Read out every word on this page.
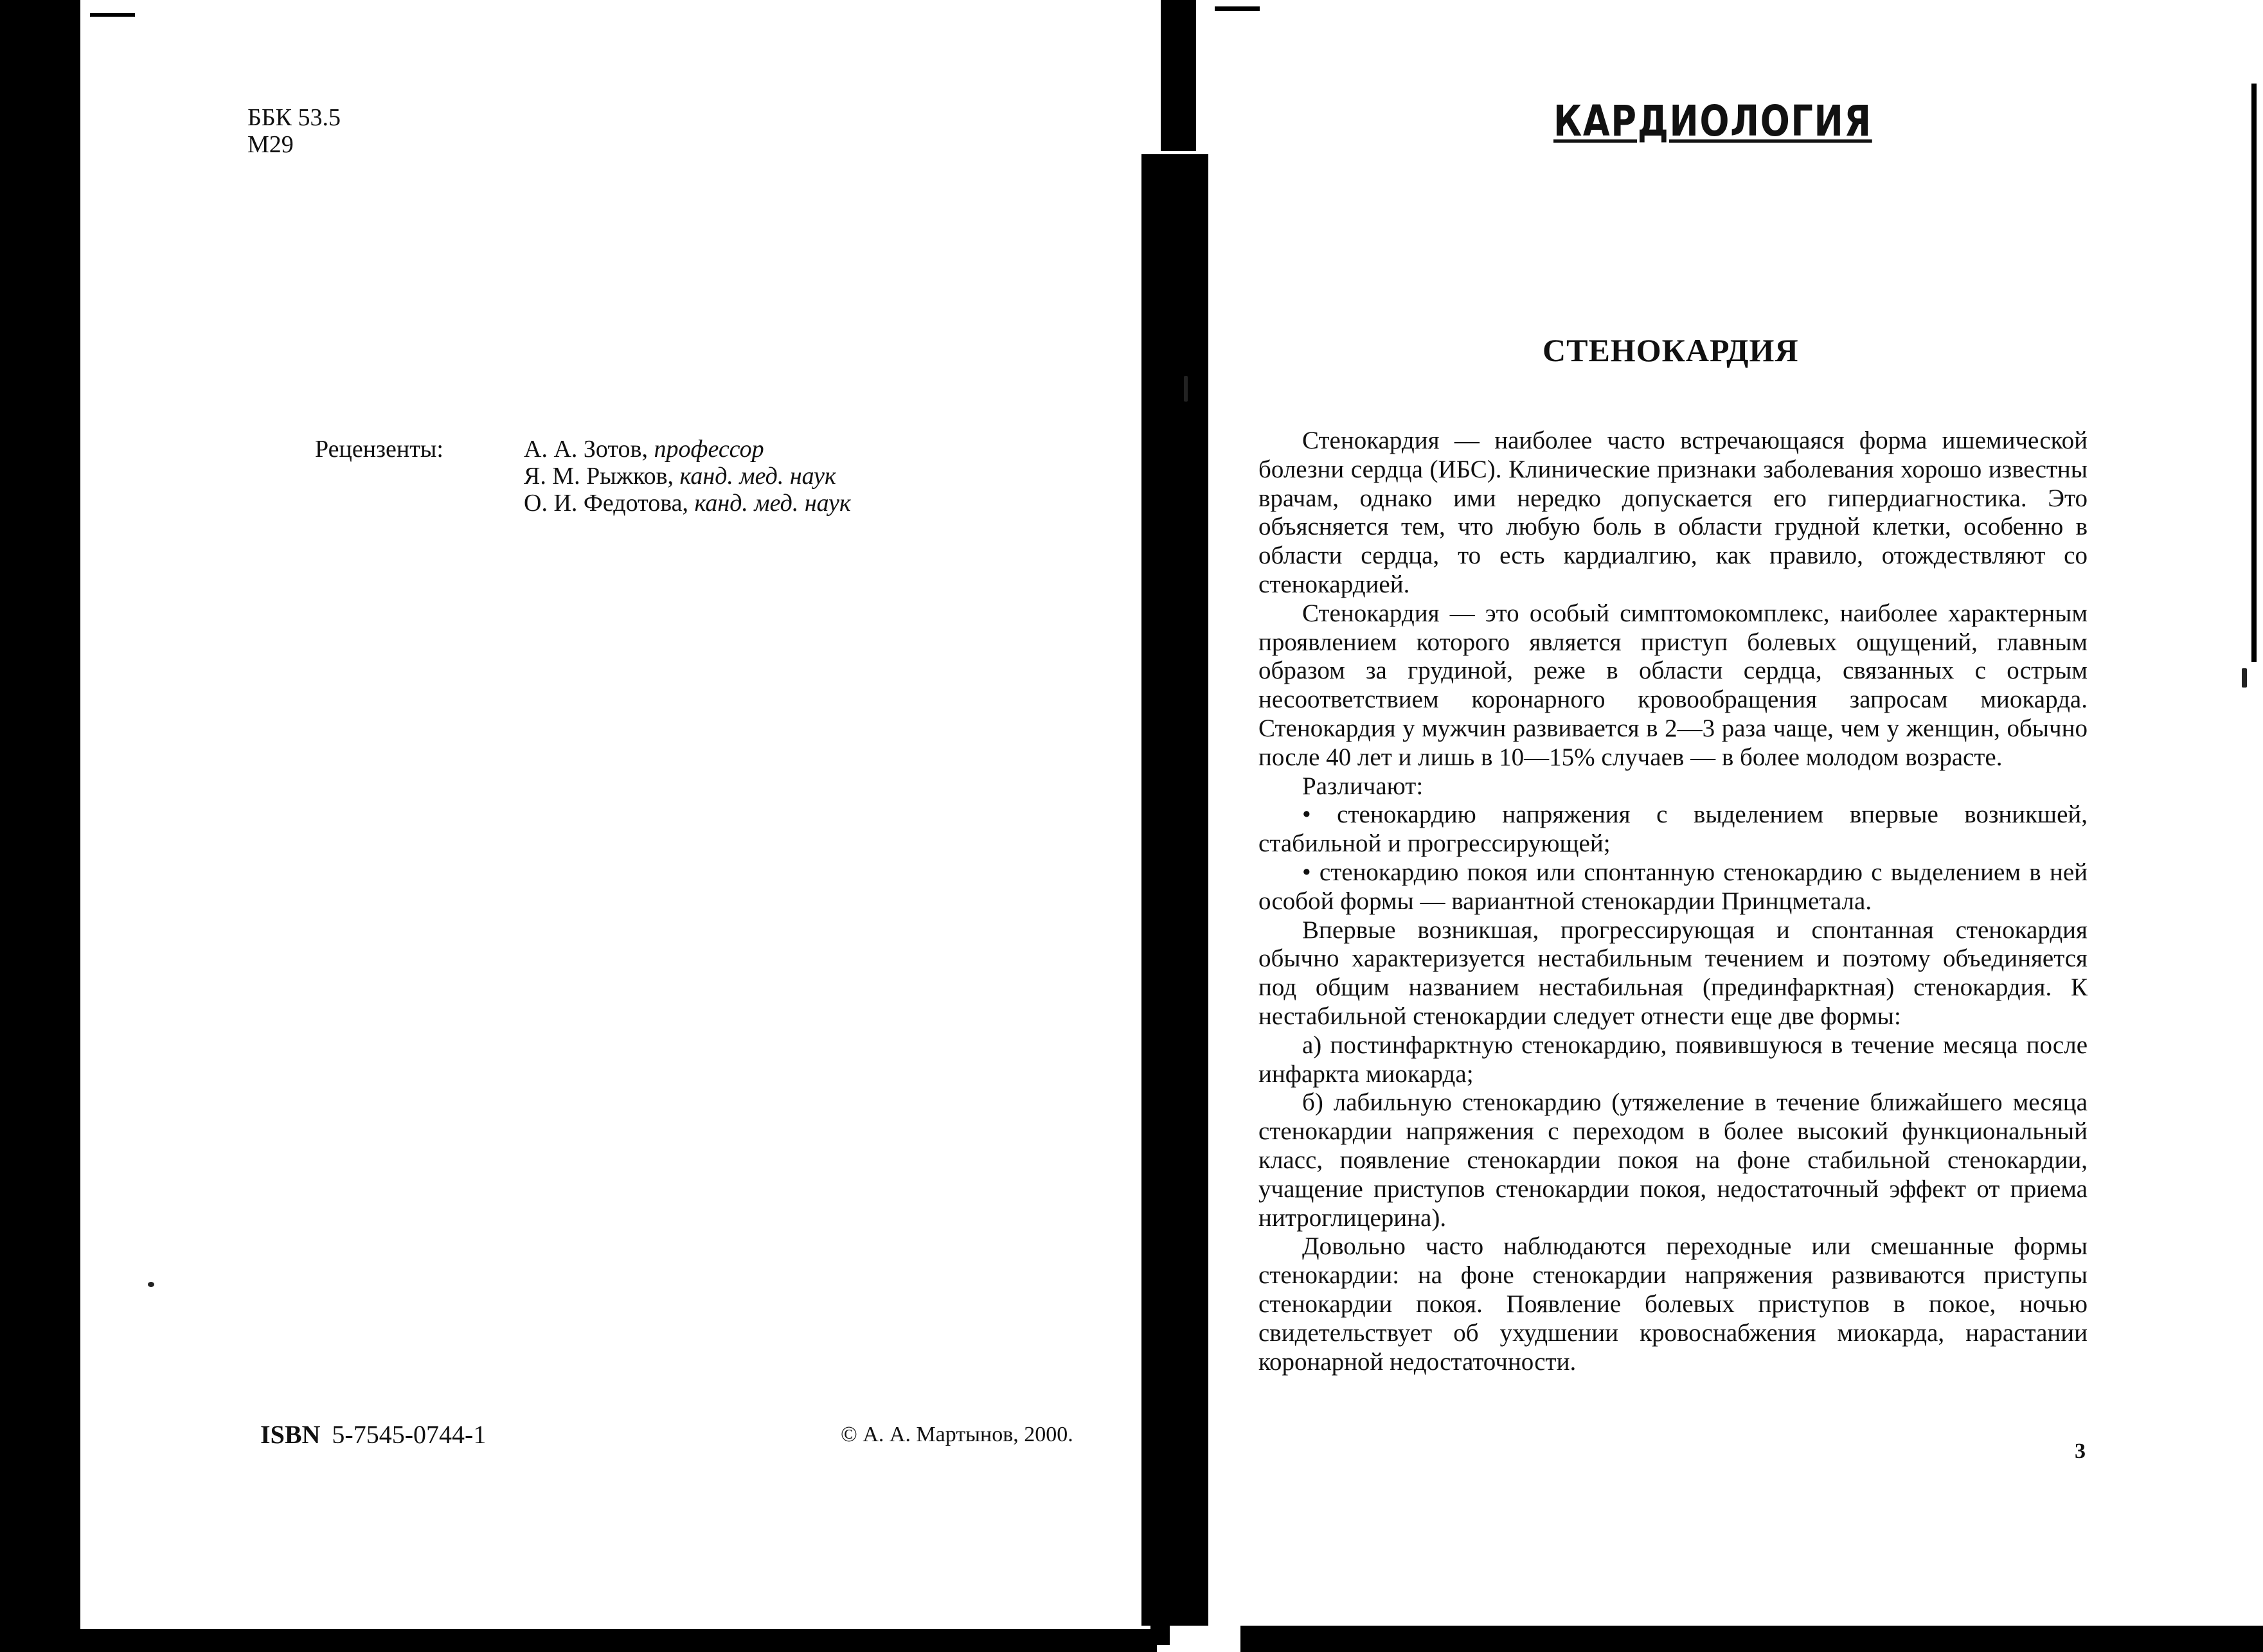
ББК 53.5
М29
Рецензенты:	А. А. Зотов, профессор
Я. М. Рыжков, канд. мед. наук
О. И. Федотова, канд. мед. наук
ISBN 5-7545-0744-1	© А. А. Мартынов, 2000.
КАРДИОЛОГИЯ
СТЕНОКАРДИЯ

Стенокардия — наиболее часто встречающаяся форма ишемической болезни сердца (ИБС). Клинические признаки заболевания хорошо известны врачам, однако ими нередко допускается его гипердиагностика. Это объясняется тем, что любую боль в области грудной клетки, особенно в области сердца, то есть кардиалгию, как правило, отождествляют со стенокардией.

Стенокардия — это особый симптомокомплекс, наиболее характерным проявлением которого является приступ болевых ощущений, главным образом за грудиной, реже в области сердца, связанных с острым несоответствием коронарного кровообращения запросам миокарда. Стенокардия у мужчин развивается в 2—3 раза чаще, чем у женщин, обычно после 40 лет и лишь в 10—15% случаев — в более молодом возрасте.

Различают:

• стенокардию напряжения с выделением впервые возникшей, стабильной и прогрессирующей;

• стенокардию покоя или спонтанную стенокардию с выделением в ней особой формы — вариантной стенокардии Принцметала.

Впервые возникшая, прогрессирующая и спонтанная стенокардия обычно характеризуется нестабильным течением и поэтому объединяется под общим названием нестабильная (прединфарктная) стенокардия. К нестабильной стенокардии следует отнести еще две формы:

а) постинфарктную стенокардию, появившуюся в течение месяца после инфаркта миокарда;

б) лабильную стенокардию (утяжеление в течение ближайшего месяца стенокардии напряжения с переходом в более высокий функциональный класс, появление стенокардии покоя на фоне стабильной стенокардии, учащение приступов стенокардии покоя, недостаточный эффект от приема нитроглицерина).

Довольно часто наблюдаются переходные или смешанные формы стенокардии: на фоне стенокардии напряжения развиваются приступы стенокардии покоя. Появление болевых приступов в покое, ночью свидетельствует об ухудшении кровоснабжения миокарда, нарастании коронарной недостаточности.

3
